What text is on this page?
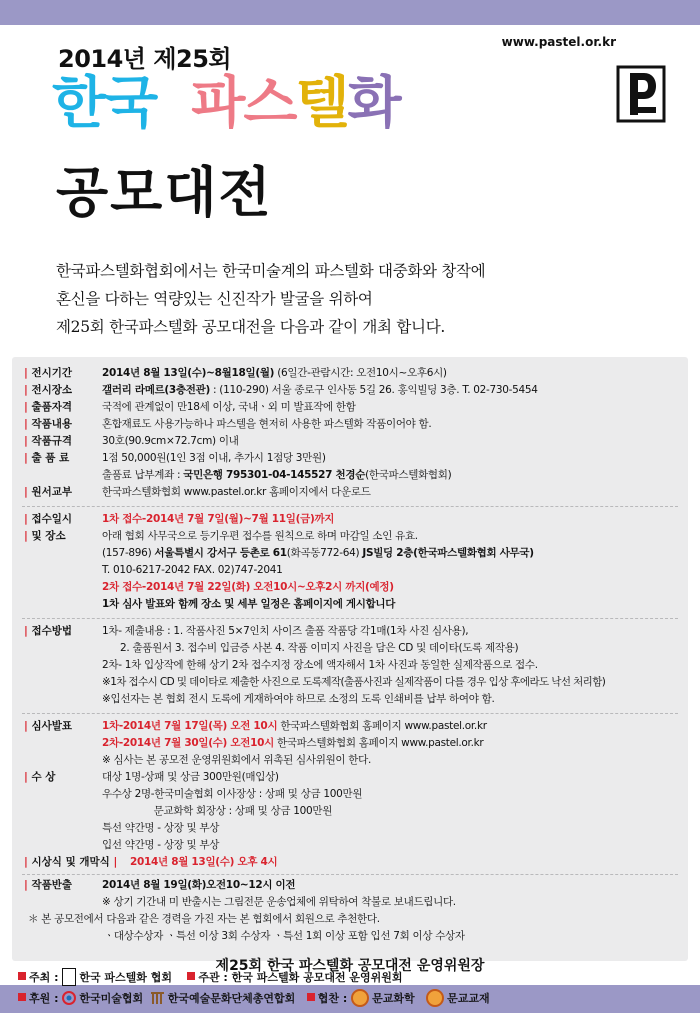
www.pastel.or.kr
2014년 제25회
한국 파스텔화
공모대전
한국파스텔화협회에서는 한국미술계의 파스텔화 대중화와 창작에
혼신을 다하는 역량있는 신진작가 발굴을 위하여
제25회 한국파스텔화 공모대전을 다음과 같이 개최 합니다.
| 전시기간	2014년 8월 13일(수)~8월18일(월) (6일간-관람시간: 오전10시~오후6시)
| 전시장소	갤러리 라메르(3층전관) : (110-290) 서울 종로구 인사동 5길 26. 홍익빌딩 3층. T. 02-730-5454
| 출품자격	국적에 관계없이 만18세 이상, 국내ㆍ외 미 발표작에 한함
| 작품내용	혼합재료도 사용가능하나 파스텔을 현저히 사용한 파스텔화 작품이어야 함.
| 작품규격	30호(90.9cm×72.7cm) 이내
| 출 품 료	1점 50,000원(1인 3점 이내, 추가시 1점당 3만원)
출품료 납부계좌 : 국민은행 795301-04-145527 천경순(한국파스텔화협회)
| 원서교부	한국파스텔화협회 www.pastel.or.kr 홈페이지에서 다운로드
| 접수일시	1차 접수-2014년 7월 7일(월)~7월 11일(금)까지
| 및 장소	아래 협회 사무국으로 등기우편 접수를 원칙으로 하며 마감일 소인 유효.
(157-896) 서울특별시 강서구 등촌로 61(화곡동772-64) JS빌딩 2층(한국파스텔화협회 사무국)
T. 010-6217-2042 FAX. 02)747-2041
2차 접수-2014년 7월 22일(화) 오전10시~오후2시 까지(예정)
1차 심사 발표와 함께 장소 및 세부 일정은 홈페이지에 게시합니다
| 접수방법	1차- 제출내용 : 1. 작품사진 5×7인치 사이즈 출품 작품당 각1매(1차 사진 심사용),
2. 출품원서 3. 접수비 입금증 사본 4. 작품 이미지 사진을 담은 CD 및 데이타(도록 제작용)
2차- 1차 입상작에 한해 상기 2차 접수지정 장소에 액자해서 1차 사진과 동일한 실제작품으로 접수.
※1차 접수시 CD 및 데이타로 제출한 사진으로 도록제작(출품사진과 실제작품이 다를 경우 입상 후에라도 낙선 처리함)
※입선자는 본 협회 전시 도록에 게재하여야 하므로 소정의 도록 인쇄비를 납부 하여야 함.
| 심사발표	1차-2014년 7월 17일(목) 오전 10시 한국파스텔화협회 홈페이지 www.pastel.or.kr
2차-2014년 7월 30일(수) 오전10시 한국파스텔화협회 홈페이지 www.pastel.or.kr
※ 심사는 본 공모전 운영위원회에서 위촉된 심사위원이 한다.
| 수 상	대상 1명-상패 및 상금 300만원(매입상)
우수상 2명-한국미술협회 이사장상 : 상패 및 상금 100만원
문교화학 회장상 : 상패 및 상금 100만원
특선 약간명 - 상장 및 부상
입선 약간명 - 상장 및 부상
| 시상식 및 개막식 | 2014년 8월 13일(수) 오후 4시
| 작품반출	2014년 8월 19일(화)오전10~12시 이전
※ 상기 기간내 미 반출시는 그림전문 운송업체에 위탁하여 착불로 보내드립니다.
＊ 본 공모전에서 다음과 같은 경력을 가진 자는 본 협회에서 회원으로 추천한다.
ㆍ대상수상자 ㆍ특선 이상 3회 수상자 ㆍ특선 1회 이상 포함 입선 7회 이상 수상자
제25회 한국 파스텔화 공모대전 운영위원장
주최 : 한국 파스텔화 협회 주관 : 한국 파스텔화 공모대전 운영위원회
후원 : 한국미술협회 한국예술문화단체총연합회 협찬 : 문교화학	문교교재
